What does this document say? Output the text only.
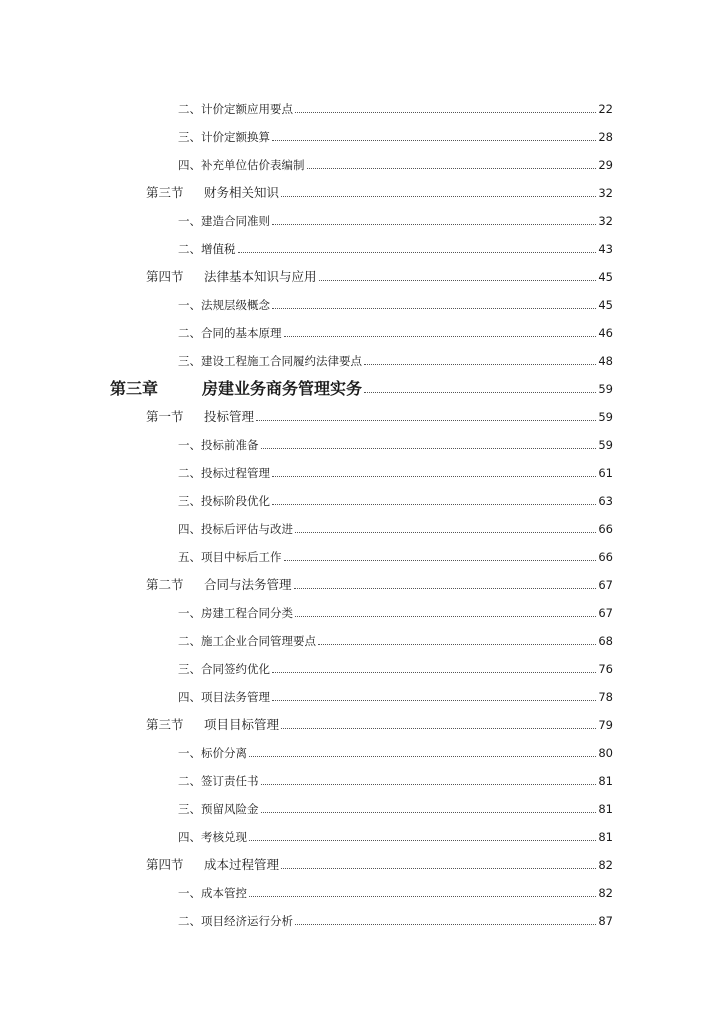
二、计价定额应用要点	22
三、计价定额换算	28
四、补充单位估价表编制	29
第三节 财务相关知识	32
一、建造合同准则	32
二、增值税	43
第四节 法律基本知识与应用	45
一、法规层级概念	45
二、合同的基本原理	46
三、建设工程施工合同履约法律要点	48
第三章	房建业务商务管理实务	59
第一节 投标管理	59
一、投标前准备	59
二、投标过程管理	61
三、投标阶段优化	63
四、投标后评估与改进	66
五、项目中标后工作	66
第二节 合同与法务管理	67
一、房建工程合同分类	67
二、施工企业合同管理要点	68
三、合同签约优化	76
四、项目法务管理	78
第三节 项目目标管理	79
一、标价分离	80
二、签订责任书	81
三、预留风险金	81
四、考核兑现	81
第四节 成本过程管理	82
一、成本管控	82
二、项目经济运行分析	87
